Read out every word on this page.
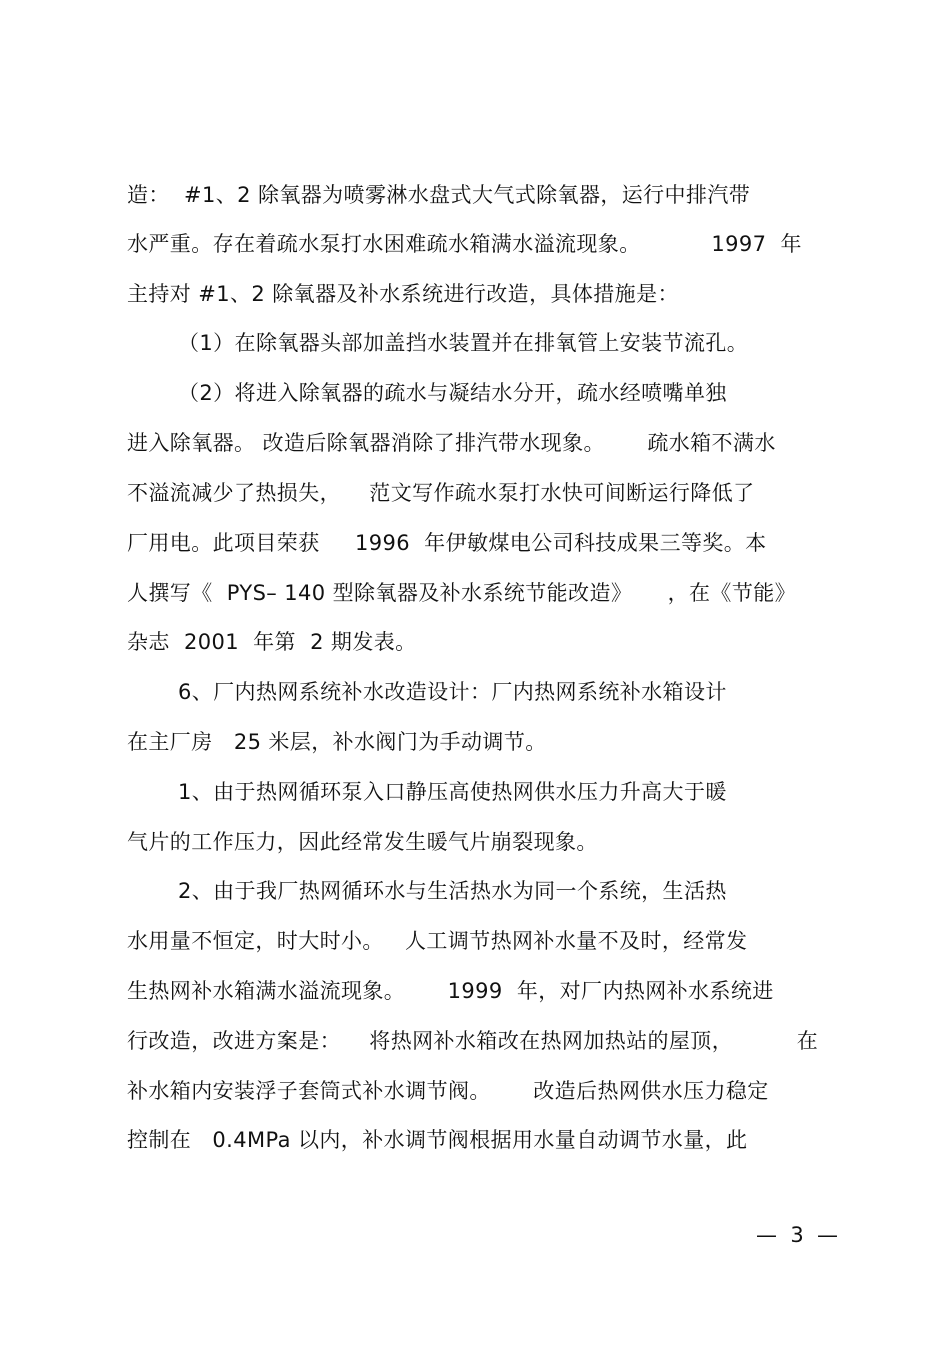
造：  #1、2 除氧器为喷雾淋水盘式大气式除氧器，运行中排汽带
水严重。存在着疏水泵打水困难疏水箱满水溢流现象。          1997  年
主持对 #1、2 除氧器及补水系统进行改造，具体措施是：
（1）在除氧器头部加盖挡水装置并在排氧管上安装节流孔。
（2）将进入除氧器的疏水与凝结水分开，疏水经喷嘴单独
进入除氧器。 改造后除氧器消除了排汽带水现象。      疏水箱不满水
不溢流减少了热损失，    范文写作疏水泵打水快可间断运行降低了
厂用电。此项目荣获     1996  年伊敏煤电公司科技成果三等奖。本
人撰写《  PYS– 140 型除氧器及补水系统节能改造》     ，在《节能》
杂志  2001  年第  2 期发表。
6、厂内热网系统补水改造设计：厂内热网系统补水箱设计
在主厂房   25 米层，补水阀门为手动调节。
1、由于热网循环泵入口静压高使热网供水压力升高大于暖
气片的工作压力，因此经常发生暖气片崩裂现象。
2、由于我厂热网循环水与生活热水为同一个系统，生活热
水用量不恒定，时大时小。   人工调节热网补水量不及时，经常发
生热网补水箱满水溢流现象。      1999  年，对厂内热网补水系统进
行改造，改进方案是：    将热网补水箱改在热网加热站的屋顶，         在
补水箱内安装浮子套筒式补水调节阀。      改造后热网供水压力稳定
控制在   0.4MPa 以内，补水调节阀根据用水量自动调节水量，此
—  3  —
